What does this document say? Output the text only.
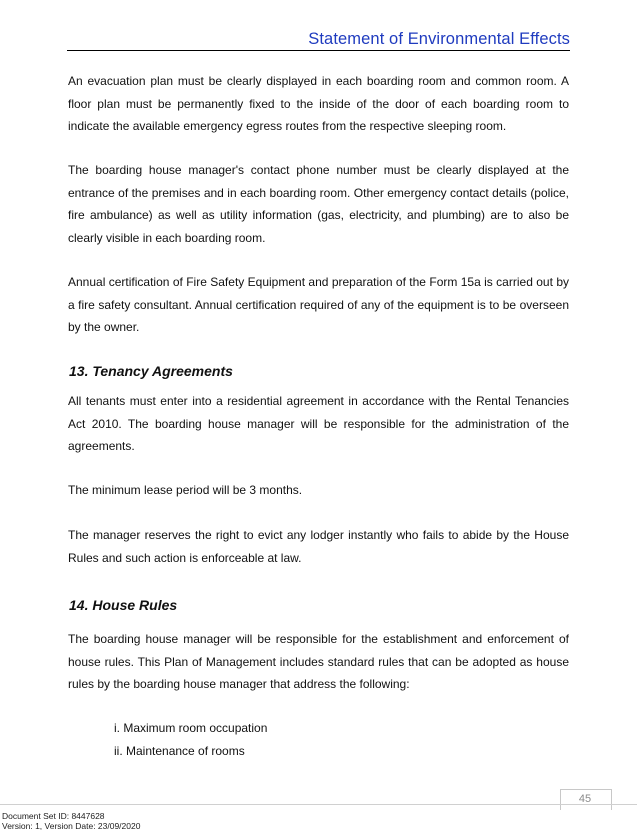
Statement of Environmental Effects

An evacuation plan must be clearly displayed in each boarding room and common room. A floor plan must be permanently fixed to the inside of the door of each boarding room to indicate the available emergency egress routes from the respective sleeping room.

The boarding house manager's contact phone number must be clearly displayed at the entrance of the premises and in each boarding room. Other emergency contact details (police, fire ambulance) as well as utility information (gas, electricity, and plumbing) are to also be clearly visible in each boarding room.

Annual certification of Fire Safety Equipment and preparation of the Form 15a is carried out by a fire safety consultant. Annual certification required of any of the equipment is to be overseen by the owner.

13. Tenancy Agreements

All tenants must enter into a residential agreement in accordance with the Rental Tenancies Act 2010. The boarding house manager will be responsible for the administration of the agreements.

The minimum lease period will be 3 months.

The manager reserves the right to evict any lodger instantly who fails to abide by the House Rules and such action is enforceable at law.

14. House Rules

The boarding house manager will be responsible for the establishment and enforcement of house rules. This Plan of Management includes standard rules that can be adopted as house rules by the boarding house manager that address the following:

i. Maximum room occupation
ii. Maintenance of rooms
45
Document Set ID: 8447628
Version: 1, Version Date: 23/09/2020
